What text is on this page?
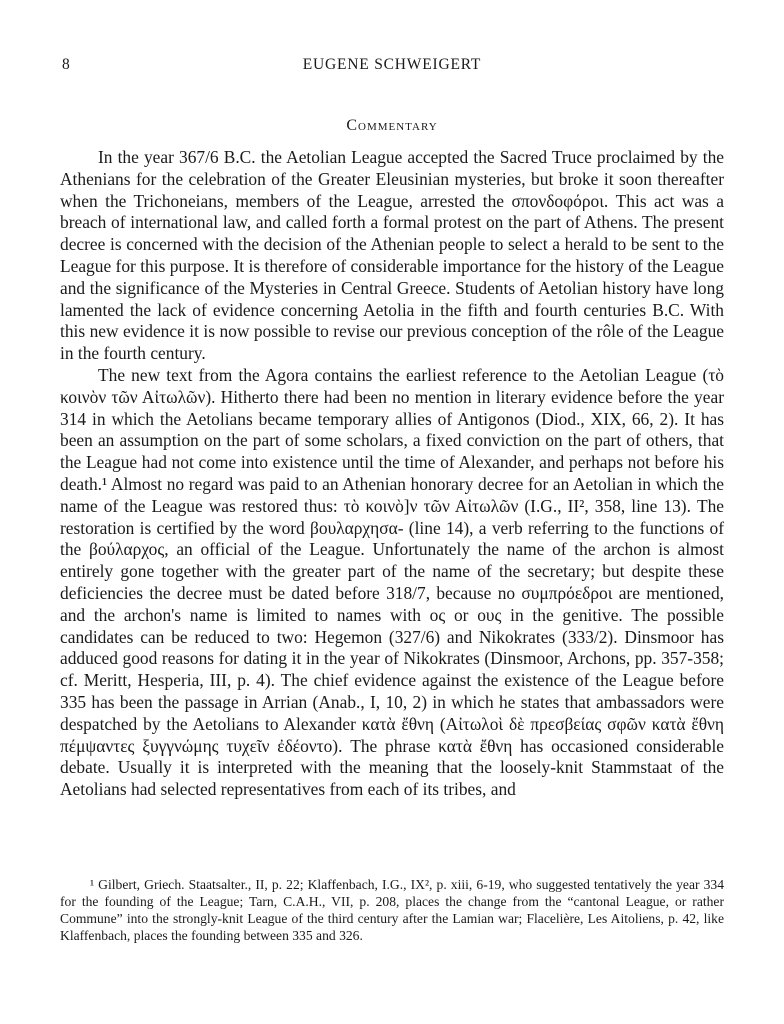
8	EUGENE SCHWEIGERT
Commentary

In the year 367/6 B.C. the Aetolian League accepted the Sacred Truce proclaimed by the Athenians for the celebration of the Greater Eleusinian mysteries, but broke it soon thereafter when the Trichoneians, members of the League, arrested the σπονδοφόροι. This act was a breach of international law, and called forth a formal protest on the part of Athens. The present decree is concerned with the decision of the Athenian people to select a herald to be sent to the League for this purpose. It is therefore of considerable importance for the history of the League and the significance of the Mysteries in Central Greece. Students of Aetolian history have long lamented the lack of evidence concerning Aetolia in the fifth and fourth centuries B.C. With this new evidence it is now possible to revise our previous conception of the rôle of the League in the fourth century.

The new text from the Agora contains the earliest reference to the Aetolian League (τὸ κοινὸν τῶν Αἰτωλῶν). Hitherto there had been no mention in literary evidence before the year 314 in which the Aetolians became temporary allies of Antigonos (Diod., XIX, 66, 2). It has been an assumption on the part of some scholars, a fixed conviction on the part of others, that the League had not come into existence until the time of Alexander, and perhaps not before his death.¹ Almost no regard was paid to an Athenian honorary decree for an Aetolian in which the name of the League was restored thus: τὸ κοινὸ]ν τῶν Αἰτωλῶν (I.G., II², 358, line 13). The restoration is certified by the word βουλαρχησα- (line 14), a verb referring to the functions of the βούλαρχος, an official of the League. Unfortunately the name of the archon is almost entirely gone together with the greater part of the name of the secretary; but despite these deficiencies the decree must be dated before 318/7, because no συμπρόεδροι are mentioned, and the archon's name is limited to names with ος or ους in the genitive. The possible candidates can be reduced to two: Hegemon (327/6) and Nikokrates (333/2). Dinsmoor has adduced good reasons for dating it in the year of Nikokrates (Dinsmoor, Archons, pp. 357-358; cf. Meritt, Hesperia, III, p. 4). The chief evidence against the existence of the League before 335 has been the passage in Arrian (Anab., I, 10, 2) in which he states that ambassadors were despatched by the Aetolians to Alexander κατὰ ἔθνη (Αἰτωλοὶ δὲ πρεσβείας σφῶν κατὰ ἔθνη πέμψαντες ξυγγνώμης τυχεῖν ἐδέοντο). The phrase κατὰ ἔθνη has occasioned considerable debate. Usually it is interpreted with the meaning that the loosely-knit Stammstaat of the Aetolians had selected representatives from each of its tribes, and

¹ Gilbert, Griech. Staatsalter., II, p. 22; Klaffenbach, I.G., IX², p. xiii, 6-19, who suggested tentatively the year 334 for the founding of the League; Tarn, C.A.H., VII, p. 208, places the change from the “cantonal League, or rather Commune” into the strongly-knit League of the third century after the Lamian war; Flacelière, Les Aitoliens, p. 42, like Klaffenbach, places the founding between 335 and 326.
